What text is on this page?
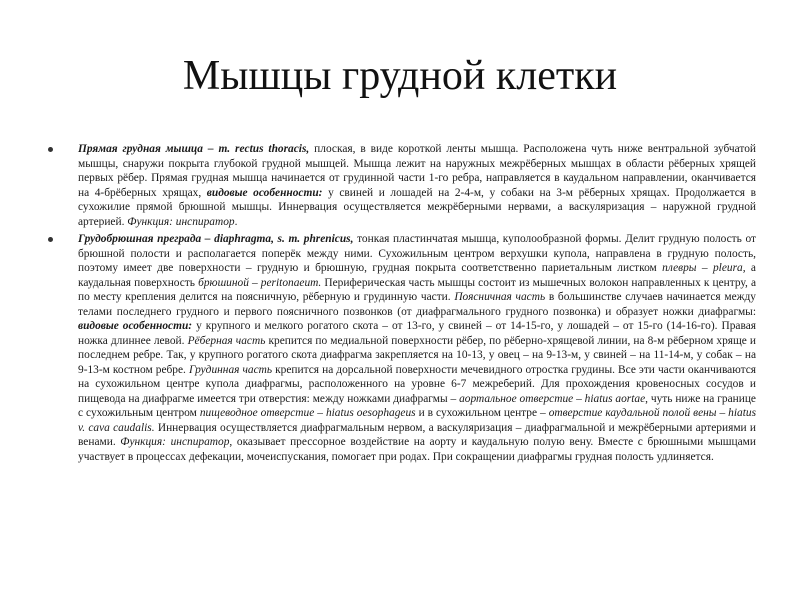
Мышцы грудной клетки
Прямая грудная мышца – m. rectus thoracis, плоская, в виде короткой ленты мышца. Расположена чуть ниже вентральной зубчатой мышцы, снаружи покрыта глубокой грудной мышцей. Мышца лежит на наружных межрёберных мышцах в области рёберных хрящей первых рёбер. Прямая грудная мышца начинается от грудинной части 1-го ребра, направляется в каудальном направлении, оканчивается на 4-брёберных хрящах, видовые особенности: у свиней и лошадей на 2-4-м, у собаки на 3-м рёберных хрящах. Продолжается в сухожилие прямой брюшной мышцы. Иннервация осуществляется межрёберными нервами, а васкуляризация – наружной грудной артерией. Функция: инспиратор.
Грудобрюшная преграда – diaphragma, s. m. phrenicus, тонкая пластинчатая мышца, куполообразной формы. Делит грудную полость от брюшной полости и располагается поперёк между ними. Сухожильным центром верхушки купола, направлена в грудную полость, поэтому имеет две поверхности – грудную и брюшную, грудная покрыта соответственно париетальным листком плевры – pleura, а каудальная поверхность брюшиной – peritonaeum. Периферическая часть мышцы состоит из мышечных волокон направленных к центру, а по месту крепления делится на поясничную, рёберную и грудинную части. Поясничная часть в большинстве случаев начинается между телами последнего грудного и первого поясничного позвонков (от диафрагмального грудного позвонка) и образует ножки диафрагмы: видовые особенности: у крупного и мелкого рогатого скота – от 13-го, у свиней – от 14-15-го, у лошадей – от 15-го (14-16-го). Правая ножка длиннее левой. Рёберная часть крепится по медиальной поверхности рёбер, по рёберно-хрящевой линии, на 8-м рёберном хряще и последнем ребре. Так, у крупного рогатого скота диафрагма закрепляется на 10-13, у овец – на 9-13-м, у свиней – на 11-14-м, у собак – на 9-13-м костном ребре. Грудинная часть крепится на дорсальной поверхности мечевидного отростка грудины. Все эти части оканчиваются на сухожильном центре купола диафрагмы, расположенного на уровне 6-7 межреберий. Для прохождения кровеносных сосудов и пищевода на диафрагме имеется три отверстия: между ножками диафрагмы – аортальное отверстие – hiatus aortae, чуть ниже на границе с сухожильным центром пищеводное отверстие – hiatus oesophageus и в сухожильном центре – отверстие каудальной полой вены – hiatus v. cava caudalis. Иннервация осуществляется диафрагмальным нервом, а васкуляризация – диафрагмальной и межрёберными артериями и венами. Функция: инспиратор, оказывает прессорное воздействие на аорту и каудальную полую вену. Вместе с брюшными мышцами участвует в процессах дефекации, мочеиспускания, помогает при родах. При сокращении диафрагмы грудная полость удлиняется.
